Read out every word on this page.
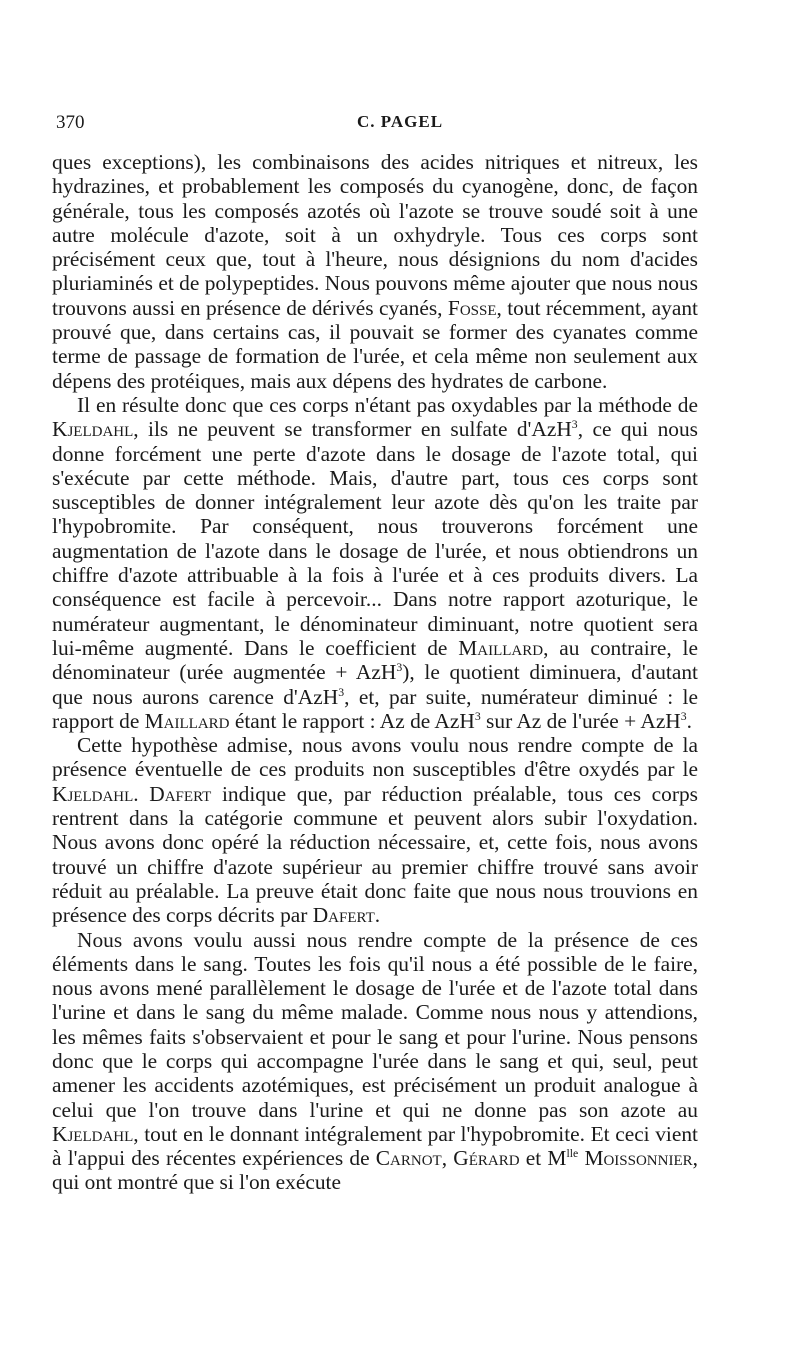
370	C. PAGEL

ques exceptions), les combinaisons des acides nitriques et nitreux, les hydrazines, et probablement les composés du cyanogène, donc, de façon générale, tous les composés azotés où l'azote se trouve soudé soit à une autre molécule d'azote, soit à un oxhydryle. Tous ces corps sont précisément ceux que, tout à l'heure, nous désignions du nom d'acides pluriaminés et de polypeptides. Nous pouvons même ajouter que nous nous trouvons aussi en présence de dérivés cyanés, Fosse, tout récemment, ayant prouvé que, dans certains cas, il pouvait se former des cyanates comme terme de passage de formation de l'urée, et cela même non seulement aux dépens des protéiques, mais aux dépens des hydrates de carbone.

Il en résulte donc que ces corps n'étant pas oxydables par la méthode de Kjeldahl, ils ne peuvent se transformer en sulfate d'AzH$^3$, ce qui nous donne forcément une perte d'azote dans le dosage de l'azote total, qui s'exécute par cette méthode. Mais, d'autre part, tous ces corps sont susceptibles de donner intégralement leur azote dès qu'on les traite par l'hypobromite. Par conséquent, nous trouverons forcément une augmentation de l'azote dans le dosage de l'urée, et nous obtiendrons un chiffre d'azote attribuable à la fois à l'urée et à ces produits divers. La conséquence est facile à percevoir... Dans notre rapport azoturique, le numérateur augmentant, le dénominateur diminuant, notre quotient sera lui-même augmenté. Dans le coefficient de Maillard, au contraire, le dénominateur (urée augmentée + AzH$^3$), le quotient diminuera, d'autant que nous aurons carence d'AzH$^3$, et, par suite, numérateur diminué : le rapport de Maillard étant le rapport : Az de AzH$^3$ sur Az de l'urée + AzH$^3$.

Cette hypothèse admise, nous avons voulu nous rendre compte de la présence éventuelle de ces produits non susceptibles d'être oxydés par le Kjeldahl. Dafert indique que, par réduction préalable, tous ces corps rentrent dans la catégorie commune et peuvent alors subir l'oxydation. Nous avons donc opéré la réduction nécessaire, et, cette fois, nous avons trouvé un chiffre d'azote supérieur au premier chiffre trouvé sans avoir réduit au préalable. La preuve était donc faite que nous nous trouvions en présence des corps décrits par Dafert.

Nous avons voulu aussi nous rendre compte de la présence de ces éléments dans le sang. Toutes les fois qu'il nous a été possible de le faire, nous avons mené parallèlement le dosage de l'urée et de l'azote total dans l'urine et dans le sang du même malade. Comme nous nous y attendions, les mêmes faits s'observaient et pour le sang et pour l'urine. Nous pensons donc que le corps qui accompagne l'urée dans le sang et qui, seul, peut amener les accidents azotémiques, est précisément un produit analogue à celui que l'on trouve dans l'urine et qui ne donne pas son azote au Kjeldahl, tout en le donnant intégralement par l'hypobromite. Et ceci vient à l'appui des récentes expériences de Carnot, Gérard et $M^{lle}$ Moissonnier, qui ont montré que si l'on exécute
